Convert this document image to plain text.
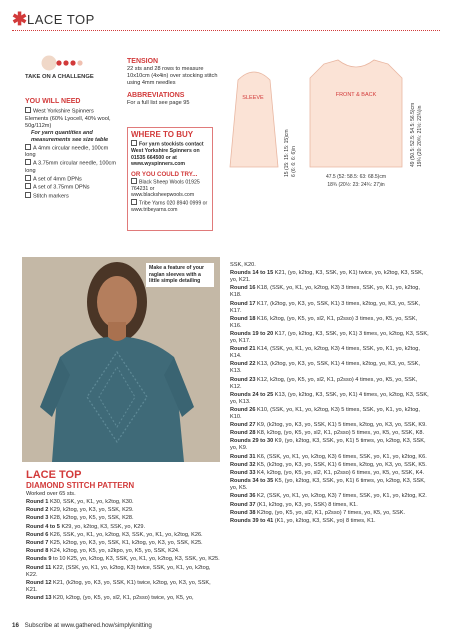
✱ LACE TOP
TAKE ON A CHALLENGE
YOU WILL NEED
West Yorkshire Spinners Elements (60% Lyocell, 40% wool, 50g/112m)
For yarn quantities and measurements see size table
A 4mm circular needle, 100cm long
A 3.75mm circular needle, 100cm long
A set of 4mm DPNs
A set of 3.75mm DPNs
Stitch markers
TENSION
22 sts and 28 rows to measure 10x10cm (4x4in) over stocking stitch using 4mm needles
ABBREVIATIONS
For a full list see page 95
WHERE TO BUY
For yarn stockists contact West Yorkshire Spinners on 01535 664500 or at www.wyspinners.com
OR YOU COULD TRY...
Black Sheep Wools 01925 764231 or www.blacksheepwools.com
Tribe Yarns 020 8940 0999 or www.tribeyarns.com
SLEEVE
15 (15: 15: 15: 15)cm 6 (6: 6: 6: 6)in
FRONT & BACK
49 (50.5: 52.5: 54.5: 56.5)cm 19¼ (20: 20¾: 21½: 22¼)in
47.5 (52: 58.5: 63: 68.5)cm
18¾ (20½: 23: 24¾: 27)in
Make a feature of your raglan sleeves with a little simple detailing
LACE TOP
DIAMOND STITCH PATTERN
Worked over 65 sts.
Round 1 K30, SSK, yo, K1, yo, k2tog, K30.
Round 2 K29, k2tog, yo, K3, yo, SSK, K29.
Round 3 K28, k2tog, yo, K5, yo, SSK, K28.
Round 4 to 5 K29, yo, k2tog, K3, SSK, yo, K29.
Round 6 K26, SSK, yo, K1, yo, k2tog, K3, SSK, yo, K1, yo, k2tog, K26.
Round 7 K25, k2tog, yo, K3, yo, SSK, K1, k2tog, yo, K3, yo, SSK, K25.
Round 8 K24, k2tog, yo, K5, yo, s2kpo, yo, K5, yo, SSK, K24.
Rounds 9 to 10 K25, yo, k2tog, K3, SSK, yo, K1, yo, k2tog, K3, SSK, yo, K25.
Round 11 K22, (SSK, yo, K1, yo, k2tog, K3) twice, SSK, yo, K1, yo, k2tog, K22.
Round 12 K21, (k2tog, yo, K3, yo, SSK, K1) twice, k2tog, yo, K3, yo, SSK, K21.
Round 13 K20, k2tog, (yo, K5, yo, sl2, K1, p2sso) twice, yo, K5, yo,
SSK, K20.
Rounds 14 to 15 K21, (yo, k2tog, K3, SSK, yo, K1) twice, yo, k2tog, K3, SSK, yo, K21.
Round 16 K18, (SSK, yo, K1, yo, k2tog, K3) 3 times, SSK, yo, K1, yo, k2tog, K18.
Round 17 K17, (k2tog, yo, K3, yo, SSK, K1) 3 times, k2tog, yo, K3, yo, SSK, K17.
Round 18 K16, k2tog, (yo, K5, yo, sl2, K1, p2sso) 3 times, yo, K5, yo, SSK, K16.
Rounds 19 to 20 K17, (yo, k2tog, K3, SSK, yo, K1) 3 times, yo, k2tog, K3, SSK, yo, K17.
Round 21 K14, (SSK, yo, K1, yo, k2tog, K3) 4 times, SSK, yo, K1, yo, k2tog, K14.
Round 22 K13, (k2tog, yo, K3, yo, SSK, K1) 4 times, k2tog, yo, K3, yo, SSK, K13.
Round 23 K12, k2tog, (yo, K5, yo, sl2, K1, p2sso) 4 times, yo, K5, yo, SSK, K12.
Rounds 24 to 25 K13, (yo, k2tog, K3, SSK, yo, K1) 4 times, yo, k2tog, K3, SSK, yo, K13.
Round 26 K10, (SSK, yo, K1, yo, k2tog, K3) 5 times, SSK, yo, K1, yo, k2tog, K10.
Round 27 K9, (k2tog, yo, K3, yo, SSK, K1) 5 times, k2tog, yo, K3, yo, SSK, K9.
Round 28 K8, k2tog, (yo, K5, yo, sl2, K1, p2sso) 5 times, yo, K5, yo, SSK, K8.
Rounds 29 to 30 K9, (yo, k2tog, K3, SSK, yo, K1) 5 times, yo, k2tog, K3, SSK, yo, K9.
Round 31 K6, (SSK, yo, K1, yo, k2tog, K3) 6 times, SSK, yo, K1, yo, k2tog, K6.
Round 32 K5, (k2tog, yo, K3, yo, SSK, K1) 6 times, k2tog, yo, K3, yo, SSK, K5.
Round 33 K4, k2tog, (yo, K5, yo, sl2, K1, p2sso) 6 times, yo, K5, yo, SSK, K4.
Rounds 34 to 35 K5, (yo, k2tog, K3, SSK, yo, K1) 6 times, yo, k2tog, K3, SSK, yo, K5.
Round 36 K2, (SSK, yo, K1, yo, k2tog, K3) 7 times, SSK, yo, K1, yo, k2tog, K2.
Round 37 (K1, k2tog, yo, K3, yo, SSK) 8 times, K1.
Round 38 K2tog, (yo, K5, yo, sl2, K1, p2sso) 7 times, yo, K5, yo, SSK.
Rounds 39 to 41 (K1, yo, k2tog, K3, SSK, yo) 8 times, K1.
16 Subscribe at www.gathered.how/simplyknitting
